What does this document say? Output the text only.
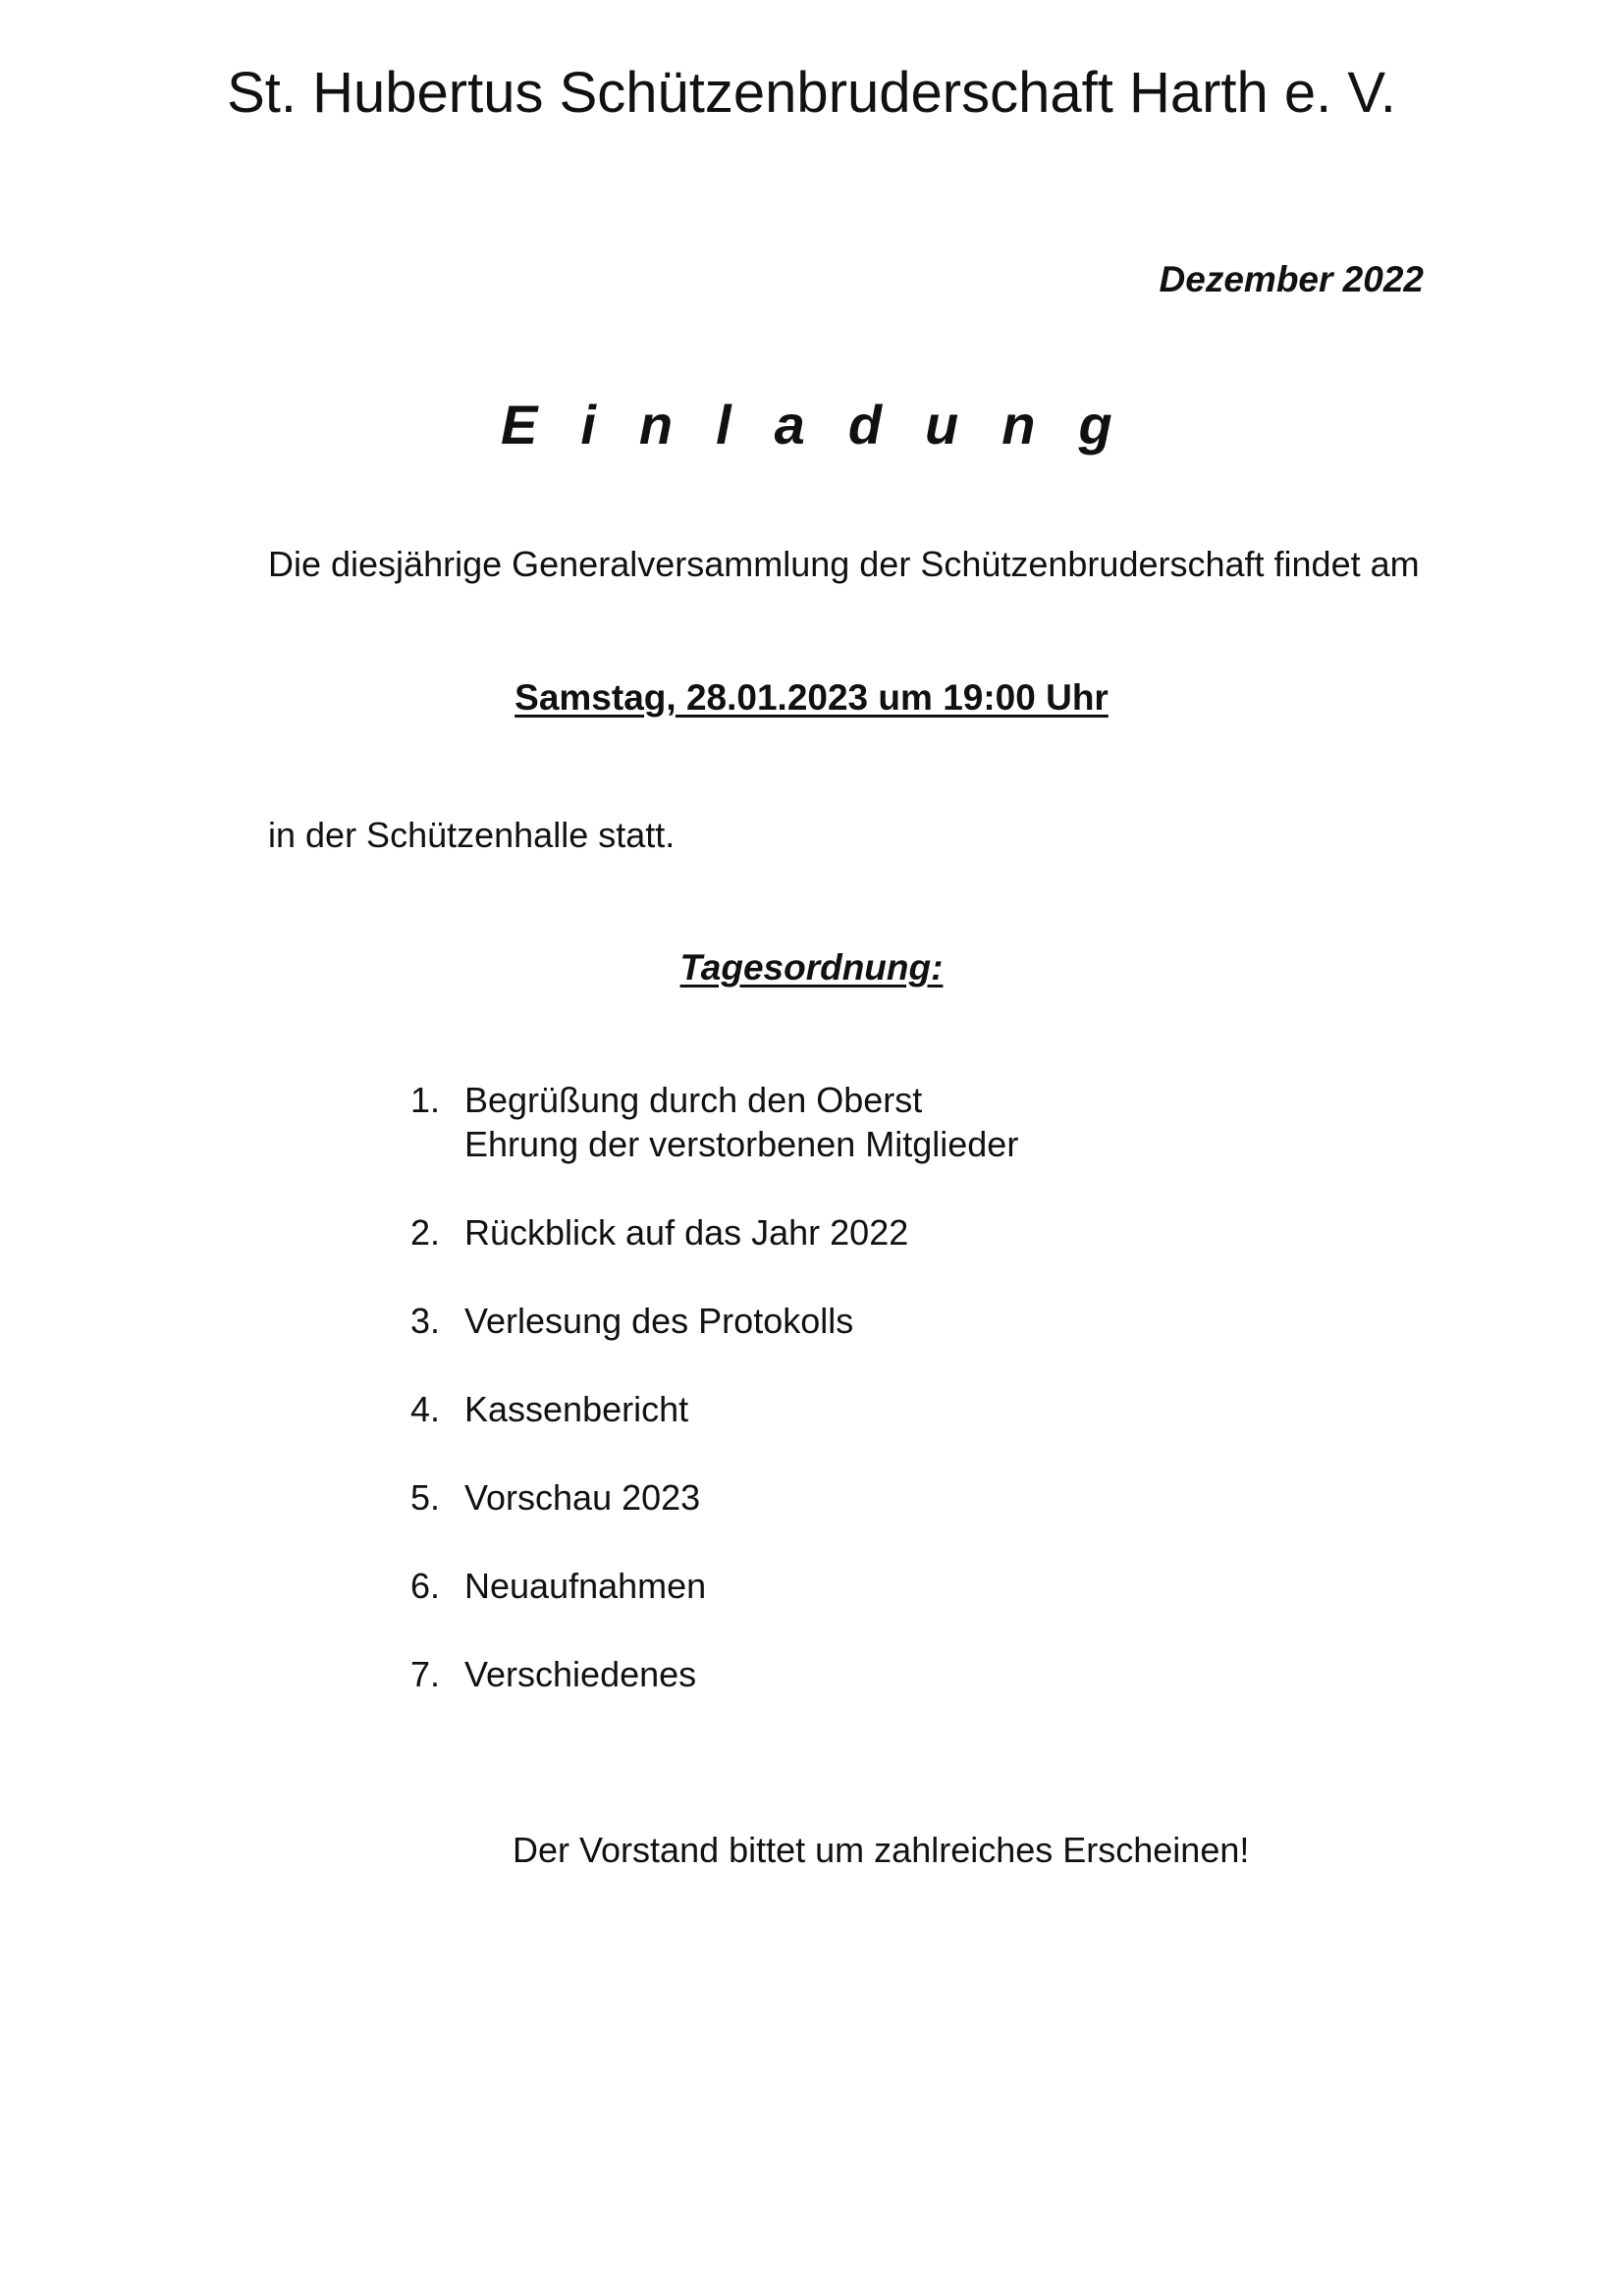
St. Hubertus Schützenbruderschaft Harth e. V.
Dezember 2022
Einladung

Die diesjährige Generalversammlung der Schützenbruderschaft findet am

Samstag, 28.01.2023 um 19:00 Uhr

in der Schützenhalle statt.

Tagesordnung:
1. Begrüßung durch den Oberst
Ehrung der verstorbenen Mitglieder
2. Rückblick auf das Jahr 2022
3. Verlesung des Protokolls
4. Kassenbericht
5. Vorschau 2023
6. Neuaufnahmen
7. Verschiedenes

Der Vorstand bittet um zahlreiches Erscheinen!
